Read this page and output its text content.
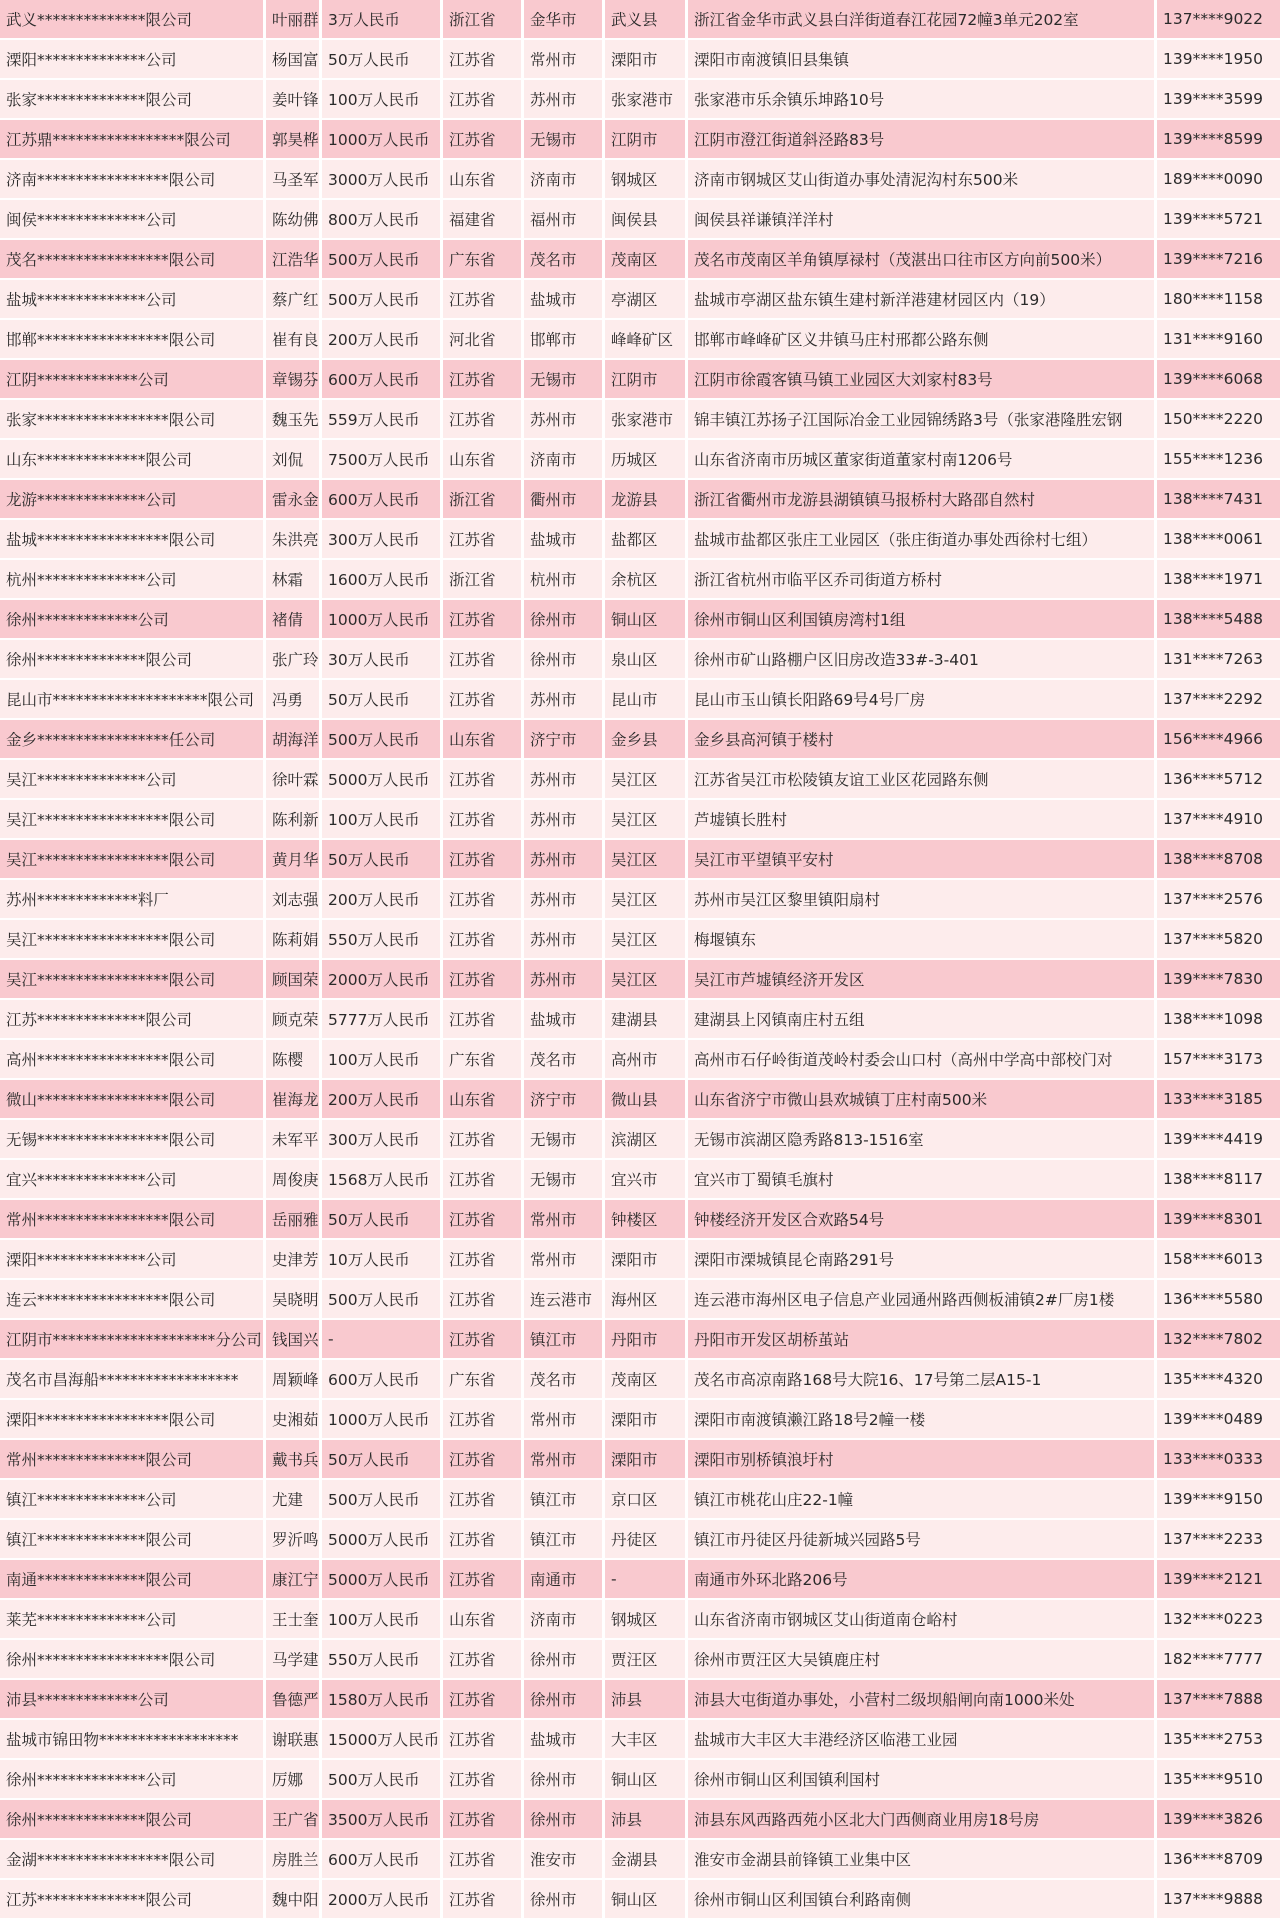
武义**************限公司	叶丽群	3万人民币	浙江省	金华市	武义县	浙江省金华市武义县白洋街道春江花园72幢3单元202室	137****9022
溧阳**************公司	杨国富	50万人民币	江苏省	常州市	溧阳市	溧阳市南渡镇旧县集镇	139****1950
张家**************限公司	姜叶锋	100万人民币	江苏省	苏州市	张家港市	张家港市乐余镇乐坤路10号	139****3599
江苏鼎*****************限公司	郭昊桦	1000万人民币	江苏省	无锡市	江阴市	江阴市澄江街道斜泾路83号	139****8599
济南*****************限公司	马圣军	3000万人民币	山东省	济南市	钢城区	济南市钢城区艾山街道办事处清泥沟村东500米	189****0090
闽侯**************公司	陈幼佛	800万人民币	福建省	福州市	闽侯县	闽侯县祥谦镇洋洋村	139****5721
茂名*****************限公司	江浩华	500万人民币	广东省	茂名市	茂南区	茂名市茂南区羊角镇厚禄村（茂湛出口往市区方向前500米）	139****7216
盐城**************公司	蔡广红	500万人民币	江苏省	盐城市	亭湖区	盐城市亭湖区盐东镇生建村新洋港建材园区内（19）	180****1158
邯郸*****************限公司	崔有良	200万人民币	河北省	邯郸市	峰峰矿区	邯郸市峰峰矿区义井镇马庄村邢都公路东侧	131****9160
江阴*************公司	章锡芬	600万人民币	江苏省	无锡市	江阴市	江阴市徐霞客镇马镇工业园区大刘家村83号	139****6068
张家*****************限公司	魏玉先	559万人民币	江苏省	苏州市	张家港市	锦丰镇江苏扬子江国际冶金工业园锦绣路3号（张家港隆胜宏钢	150****2220
山东**************限公司	刘侃	7500万人民币	山东省	济南市	历城区	山东省济南市历城区董家街道董家村南1206号	155****1236
龙游**************公司	雷永金	600万人民币	浙江省	衢州市	龙游县	浙江省衢州市龙游县湖镇镇马报桥村大路邵自然村	138****7431
盐城*****************限公司	朱洪亮	300万人民币	江苏省	盐城市	盐都区	盐城市盐都区张庄工业园区（张庄街道办事处西徐村七组）	138****0061
杭州**************公司	林霜	1600万人民币	浙江省	杭州市	余杭区	浙江省杭州市临平区乔司街道方桥村	138****1971
徐州*************公司	褚倩	1000万人民币	江苏省	徐州市	铜山区	徐州市铜山区利国镇房湾村1组	138****5488
徐州**************限公司	张广玲	30万人民币	江苏省	徐州市	泉山区	徐州市矿山路棚户区旧房改造33#-3-401	131****7263
昆山市********************限公司	冯勇	50万人民币	江苏省	苏州市	昆山市	昆山市玉山镇长阳路69号4号厂房	137****2292
金乡*****************任公司	胡海洋	500万人民币	山东省	济宁市	金乡县	金乡县高河镇于楼村	156****4966
吴江**************公司	徐叶霖	5000万人民币	江苏省	苏州市	吴江区	江苏省吴江市松陵镇友谊工业区花园路东侧	136****5712
吴江*****************限公司	陈利新	100万人民币	江苏省	苏州市	吴江区	芦墟镇长胜村	137****4910
吴江*****************限公司	黄月华	50万人民币	江苏省	苏州市	吴江区	吴江市平望镇平安村	138****8708
苏州*************料厂	刘志强	200万人民币	江苏省	苏州市	吴江区	苏州市吴江区黎里镇阳扇村	137****2576
吴江*****************限公司	陈莉娟	550万人民币	江苏省	苏州市	吴江区	梅堰镇东	137****5820
吴江*****************限公司	顾国荣	2000万人民币	江苏省	苏州市	吴江区	吴江市芦墟镇经济开发区	139****7830
江苏**************限公司	顾克荣	5777万人民币	江苏省	盐城市	建湖县	建湖县上冈镇南庄村五组	138****1098
高州*****************限公司	陈樱	100万人民币	广东省	茂名市	高州市	高州市石仔岭街道茂岭村委会山口村（高州中学高中部校门对	157****3173
微山*****************限公司	崔海龙	200万人民币	山东省	济宁市	微山县	山东省济宁市微山县欢城镇丁庄村南500米	133****3185
无锡*****************限公司	未军平	300万人民币	江苏省	无锡市	滨湖区	无锡市滨湖区隐秀路813-1516室	139****4419
宜兴**************公司	周俊庚	1568万人民币	江苏省	无锡市	宜兴市	宜兴市丁蜀镇毛旗村	138****8117
常州*****************限公司	岳丽雅	50万人民币	江苏省	常州市	钟楼区	钟楼经济开发区合欢路54号	139****8301
溧阳**************公司	史津芳	10万人民币	江苏省	常州市	溧阳市	溧阳市溧城镇昆仑南路291号	158****6013
连云*****************限公司	吴晓明	500万人民币	江苏省	连云港市	海州区	连云港市海州区电子信息产业园通州路西侧板浦镇2#厂房1楼	136****5580
江阴市*********************分公司	钱国兴	-	江苏省	镇江市	丹阳市	丹阳市开发区胡桥茧站	132****7802
茂名市昌海船******************	周颖峰	600万人民币	广东省	茂名市	茂南区	茂名市高凉南路168号大院16、17号第二层A15-1	135****4320
溧阳*****************限公司	史湘茹	1000万人民币	江苏省	常州市	溧阳市	溧阳市南渡镇濑江路18号2幢一楼	139****0489
常州**************限公司	戴书兵	50万人民币	江苏省	常州市	溧阳市	溧阳市别桥镇浪圩村	133****0333
镇江**************公司	尤建	500万人民币	江苏省	镇江市	京口区	镇江市桃花山庄22-1幢	139****9150
镇江**************限公司	罗沂鸣	5000万人民币	江苏省	镇江市	丹徒区	镇江市丹徒区丹徒新城兴园路5号	137****2233
南通**************限公司	康江宁	5000万人民币	江苏省	南通市	-	南通市外环北路206号	139****2121
莱芜**************公司	王士奎	100万人民币	山东省	济南市	钢城区	山东省济南市钢城区艾山街道南仓峪村	132****0223
徐州*****************限公司	马学建	550万人民币	江苏省	徐州市	贾汪区	徐州市贾汪区大吴镇鹿庄村	182****7777
沛县*************公司	鲁德严	1580万人民币	江苏省	徐州市	沛县	沛县大屯街道办事处，小营村二级坝船闸向南1000米处	137****7888
盐城市锦田物******************	谢联惠	15000万人民币	江苏省	盐城市	大丰区	盐城市大丰区大丰港经济区临港工业园	135****2753
徐州**************公司	厉娜	500万人民币	江苏省	徐州市	铜山区	徐州市铜山区利国镇利国村	135****9510
徐州**************限公司	王广省	3500万人民币	江苏省	徐州市	沛县	沛县东风西路西苑小区北大门西侧商业用房18号房	139****3826
金湖*****************限公司	房胜兰	600万人民币	江苏省	淮安市	金湖县	淮安市金湖县前锋镇工业集中区	136****8709
江苏**************限公司	魏中阳	2000万人民币	江苏省	徐州市	铜山区	徐州市铜山区利国镇台利路南侧	137****9888
